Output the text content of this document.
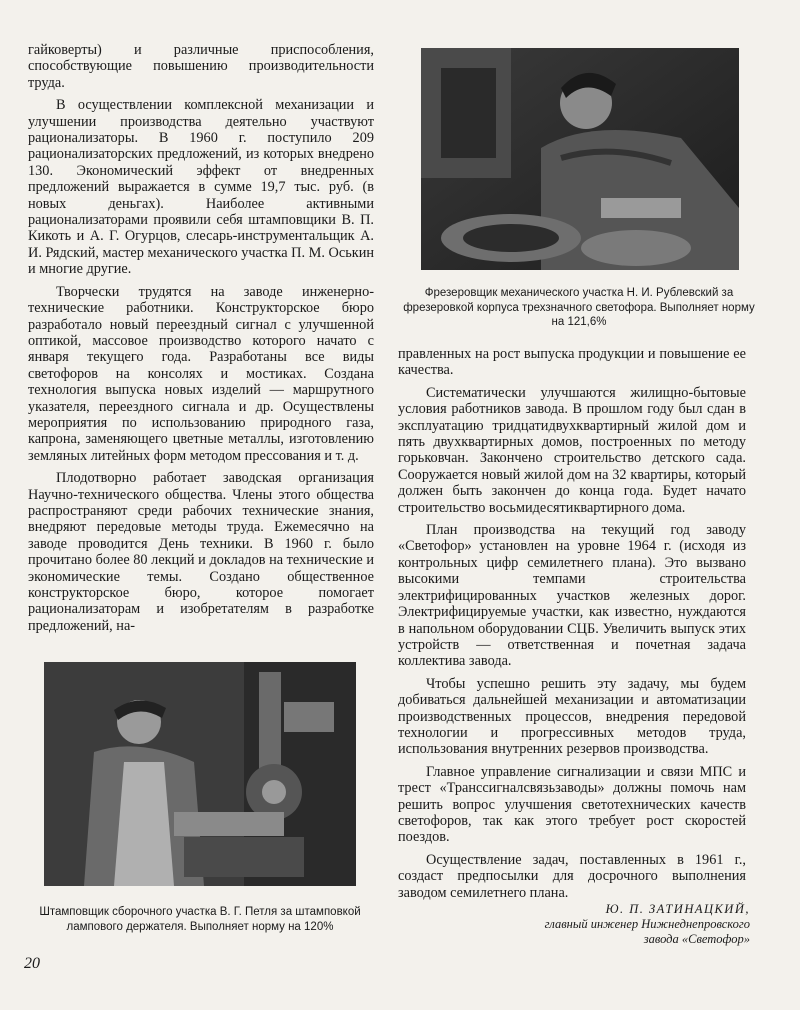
гайковерты) и различные приспособления, способствующие повышению производительности труда.

В осуществлении комплексной механизации и улучшении производства деятельно участвуют рационализаторы. В 1960 г. поступило 209 рационализаторских предложений, из которых внедрено 130. Экономический эффект от внедренных предложений выражается в сумме 19,7 тыс. руб. (в новых деньгах). Наиболее активными рационализаторами проявили себя штамповщики В. П. Кикоть и А. Г. Огурцов, слесарь-инструментальщик А. И. Рядский, мастер механического участка П. М. Оськин и многие другие.

Творчески трудятся на заводе инженерно-технические работники. Конструкторское бюро разработало новый переездный сигнал с улучшенной оптикой, массовое производство которого начато с января текущего года. Разработаны все виды светофоров на консолях и мостиках. Создана технология выпуска новых изделий — маршрутного указателя, переездного сигнала и др. Осуществлены мероприятия по использованию природного газа, капрона, заменяющего цветные металлы, изготовлению земляных литейных форм методом прессования и т. д.

Плодотворно работает заводская организация Научно-технического общества. Члены этого общества распространяют среди рабочих технические знания, внедряют передовые методы труда. Ежемесячно на заводе проводится День техники. В 1960 г. было прочитано более 80 лекций и докладов на технические и экономические темы. Создано общественное конструкторское бюро, которое помогает рационализаторам и изобретателям в разработке предложений, на-

Фрезеровщик механического участка Н. И. Рублевский за фрезеровкой корпуса трехзначного светофора. Выполняет норму на 121,6%

правленных на рост выпуска продукции и повышение ее качества.

Систематически улучшаются жилищно-бытовые условия работников завода. В прошлом году был сдан в эксплуатацию тридцатидвухквартирный жилой дом и пять двухквартирных домов, построенных по методу горьковчан. Закончено строительство детского сада. Сооружается новый жилой дом на 32 квартиры, который должен быть закончен до конца года. Будет начато строительство восьмидесятиквартирного дома.

План производства на текущий год заводу «Светофор» установлен на уровне 1964 г. (исходя из контрольных цифр семилетнего плана). Это вызвано высокими темпами строительства электрифицированных участков железных дорог. Электрифицируемые участки, как известно, нуждаются в напольном оборудовании СЦБ. Увеличить выпуск этих устройств — ответственная и почетная задача коллектива завода.

Чтобы успешно решить эту задачу, мы будем добиваться дальнейшей механизации и автоматизации производственных процессов, внедрения передовой технологии и прогрессивных методов труда, использования внутренних резервов производства.

Главное управление сигнализации и связи МПС и трест «Транссигналсвязьзаводы» должны помочь нам решить вопрос улучшения светотехнических качеств светофоров, так как этого требует рост скоростей поездов.

Осуществление задач, поставленных в 1961 г., создаст предпосылки для досрочного выполнения заводом семилетнего плана.

Штамповщик сборочного участка В. Г. Петля за штамповкой лампового держателя. Выполняет норму на 120%
Ю. П. ЗАТИНАЦКИЙ,
главный инженер Нижнеднепровского завода «Светофор»
20
